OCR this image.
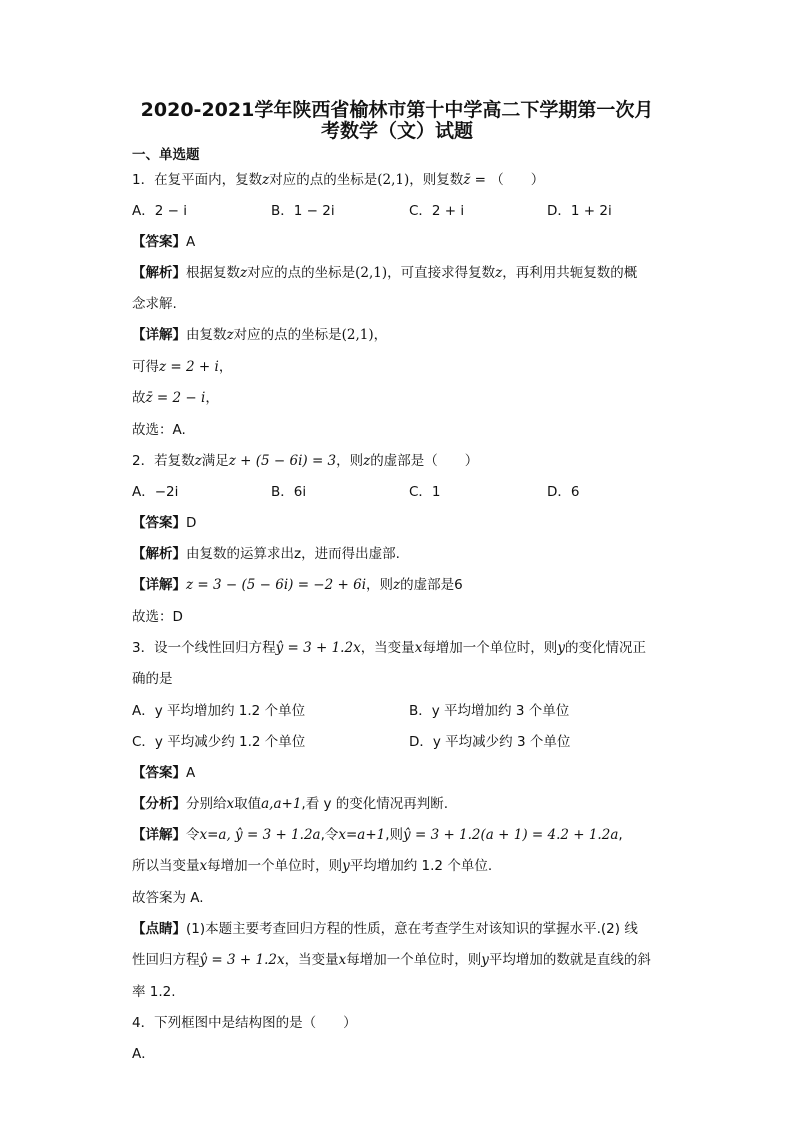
2020-2021学年陕西省榆林市第十中学高二下学期第一次月
考数学（文）试题
一、单选题
1．在复平面内，复数z对应的点的坐标是(2,1)，则复数z̄ = （　　）
A．2 − i	B．1 − 2i	C．2 + i	D．1 + 2i
【答案】A
【解析】根据复数z对应的点的坐标是(2,1)，可直接求得复数z，再利用共轭复数的概
念求解.
【详解】由复数z对应的点的坐标是(2,1)，
可得z = 2 + i，
故z̄ = 2 − i，
故选：A.
2．若复数z满足z + (5 − 6i) = 3，则z的虚部是（　　）
A．−2i	B．6i	C．1	D．6
【答案】D
【解析】由复数的运算求出z，进而得出虚部.
【详解】z = 3 − (5 − 6i) = −2 + 6i，则z的虚部是6
故选：D
3．设一个线性回归方程ŷ = 3 + 1.2x，当变量x每增加一个单位时，则y的变化情况正
确的是
A．y 平均增加约 1.2 个单位	B．y 平均增加约 3 个单位
C．y 平均减少约 1.2 个单位	D．y 平均减少约 3 个单位
【答案】A
【分析】分别给x取值a,a+1,看 y 的变化情况再判断.
【详解】令x=a, ŷ = 3 + 1.2a,令x=a+1,则ŷ = 3 + 1.2(a + 1) = 4.2 + 1.2a,
所以当变量x每增加一个单位时，则y平均增加约 1.2 个单位.
故答案为 A.
【点睛】(1)本题主要考查回归方程的性质，意在考查学生对该知识的掌握水平.(2) 线
性回归方程ŷ = 3 + 1.2x，当变量x每增加一个单位时，则y平均增加的数就是直线的斜
率 1.2.
4．下列框图中是结构图的是（　　）
A．
